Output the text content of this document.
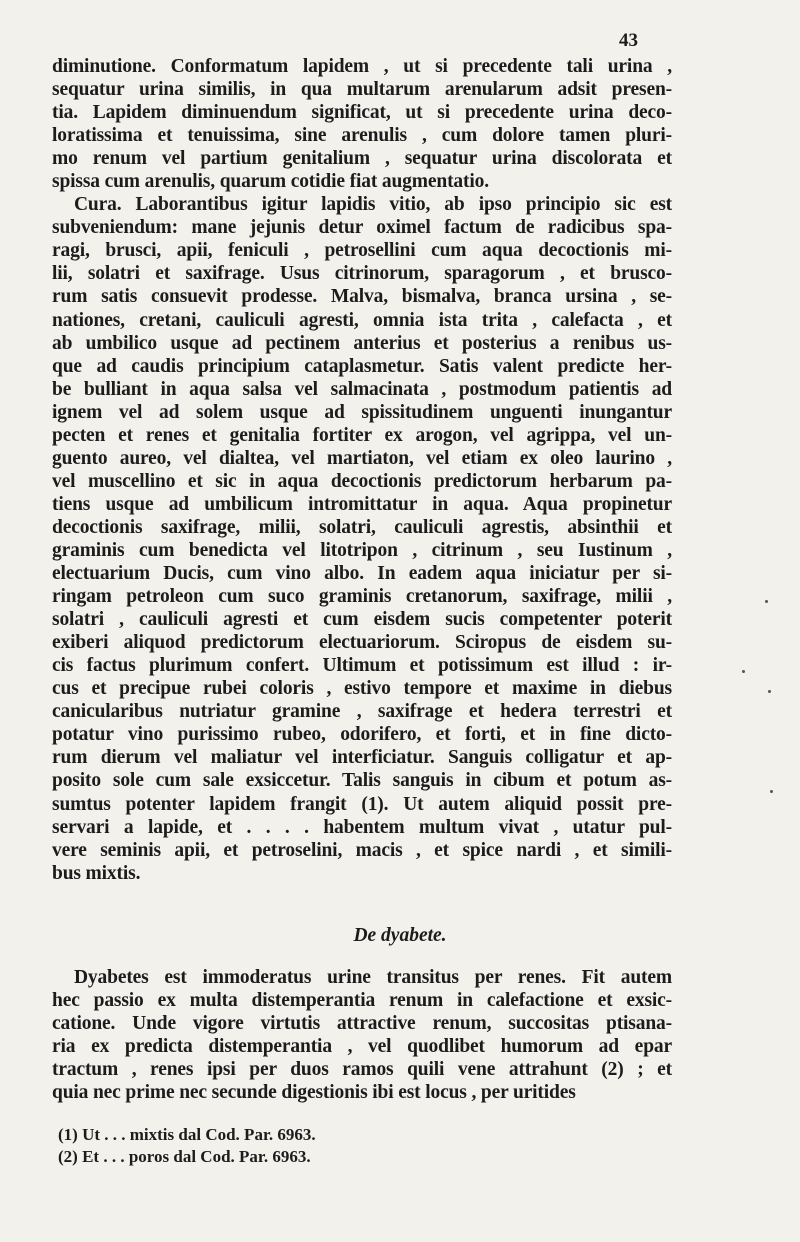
43
diminutione. Conformatum lapidem , ut si precedente tali urina ,
sequatur urina similis, in qua multarum arenularum adsit presen-
tia. Lapidem diminuendum significat, ut si precedente urina deco-
loratissima et tenuissima, sine arenulis , cum dolore tamen pluri-
mo renum vel partium genitalium , sequatur urina discolorata et
spissa cum arenulis, quarum cotidie fiat augmentatio.
Cura. Laborantibus igitur lapidis vitio, ab ipso principio sic est
subveniendum: mane jejunis detur oximel factum de radicibus spa-
ragi, brusci, apii, feniculi , petrosellini cum aqua decoctionis mi-
lii, solatri et saxifrage. Usus citrinorum, sparagorum , et brusco-
rum satis consuevit prodesse. Malva, bismalva, branca ursina , se-
nationes, cretani, cauliculi agresti, omnia ista trita , calefacta , et
ab umbilico usque ad pectinem anterius et posterius a renibus us-
que ad caudis principium cataplasmetur. Satis valent predicte her-
be bulliant in aqua salsa vel salmacinata , postmodum patientis ad
ignem vel ad solem usque ad spissitudinem unguenti inungantur
pecten et renes et genitalia fortiter ex arogon, vel agrippa, vel un-
guento aureo, vel dialtea, vel martiaton, vel etiam ex oleo laurino ,
vel muscellino et sic in aqua decoctionis predictorum herbarum pa-
tiens usque ad umbilicum intromittatur in aqua. Aqua propinetur
decoctionis saxifrage, milii, solatri, cauliculi agrestis, absinthii et
graminis cum benedicta vel litotripon , citrinum , seu Iustinum ,
electuarium Ducis, cum vino albo. In eadem aqua iniciatur per si-
ringam petroleon cum suco graminis cretanorum, saxifrage, milii ,
solatri , cauliculi agresti et cum eisdem sucis competenter poterit
exiberi aliquod predictorum electuariorum. Sciropus de eisdem su-
cis factus plurimum confert. Ultimum et potissimum est illud : ir-
cus et precipue rubei coloris , estivo tempore et maxime in diebus
canicularibus nutriatur gramine , saxifrage et hedera terrestri et
potatur vino purissimo rubeo, odorifero, et forti, et in fine dicto-
rum dierum vel maliatur vel interficiatur. Sanguis colligatur et ap-
posito sole cum sale exsiccetur. Talis sanguis in cibum et potum as-
sumtus potenter lapidem frangit (1). Ut autem aliquid possit pre-
servari a lapide, et . . . . habentem multum vivat , utatur pul-
vere seminis apii, et petroselini, macis , et spice nardi , et simili-
bus mixtis.
De dyabete.
Dyabetes est immoderatus urine transitus per renes. Fit autem
hec passio ex multa distemperantia renum in calefactione et exsic-
catione. Unde vigore virtutis attractive renum, succositas ptisana-
ria ex predicta distemperantia , vel quodlibet humorum ad epar
tractum , renes ipsi per duos ramos quili vene attrahunt (2) ; et
quia nec prime nec secunde digestionis ibi est locus , per uritides
(1) Ut . . . mixtis dal Cod. Par. 6963.
(2) Et . . . poros dal Cod. Par. 6963.
